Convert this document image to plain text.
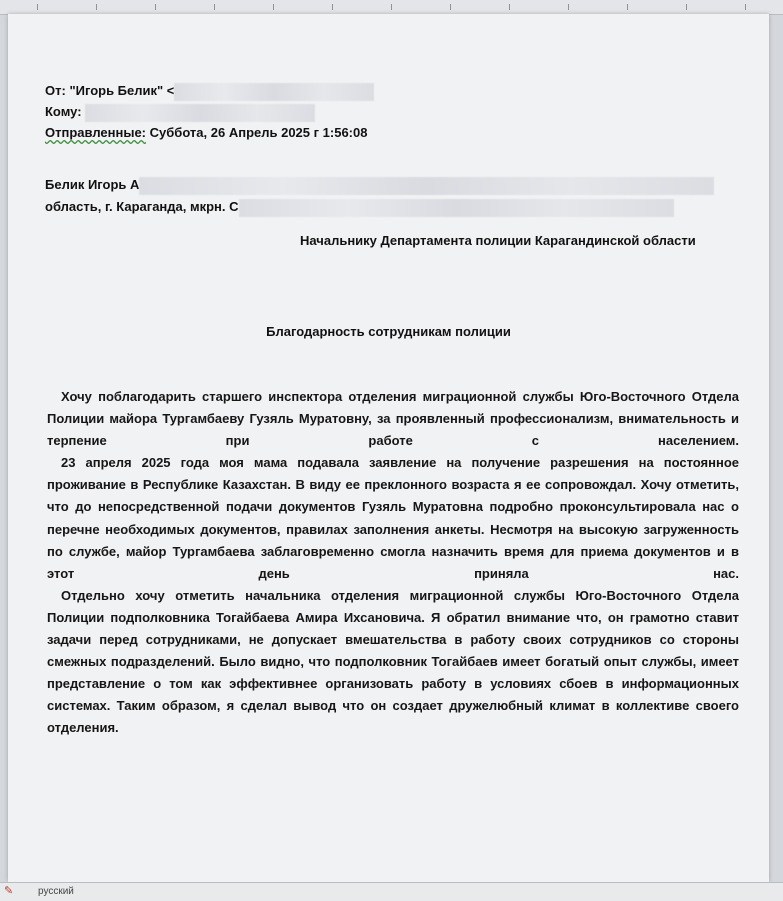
От: "Игорь Белик" <
Кому:
Отправленные: Суббота, 26 Апрель 2025 г 1:56:08
Белик Игорь А
область, г. Караганда, мкрн. С
Начальнику Департамента полиции Карагандинской области
Благодарность сотрудникам полиции

Хочу поблагодарить старшего инспектора отделения миграционной службы Юго-Восточного Отдела Полиции майора Тургамбаеву Гузяль Муратовну, за проявленный профессионализм, внимательность и терпение при работе с населением.

23 апреля 2025 года моя мама подавала заявление на получение разрешения на постоянное проживание в Республике Казахстан. В виду ее преклонного возраста я ее сопровождал. Хочу отметить, что до непосредственной подачи документов Гузяль Муратовна подробно проконсультировала нас о перечне необходимых документов, правилах заполнения анкеты. Несмотря на высокую загруженность по службе, майор Тургамбаева заблаговременно смогла назначить время для приема документов и в этот день приняла нас.

Отдельно хочу отметить начальника отделения миграционной службы Юго-Восточного Отдела Полиции подполковника Тогайбаева Амира Ихсановича. Я обратил внимание что, он грамотно ставит задачи перед сотрудниками, не допускает вмешательства в работу своих сотрудников со стороны смежных подразделений. Было видно, что подполковник Тогайбаев имеет богатый опыт службы, имеет представление о том как эффективнее организовать работу в условиях сбоев в информационных системах. Таким образом, я сделал вывод что он создает дружелюбный климат в коллективе своего отделения.

✎ русский
